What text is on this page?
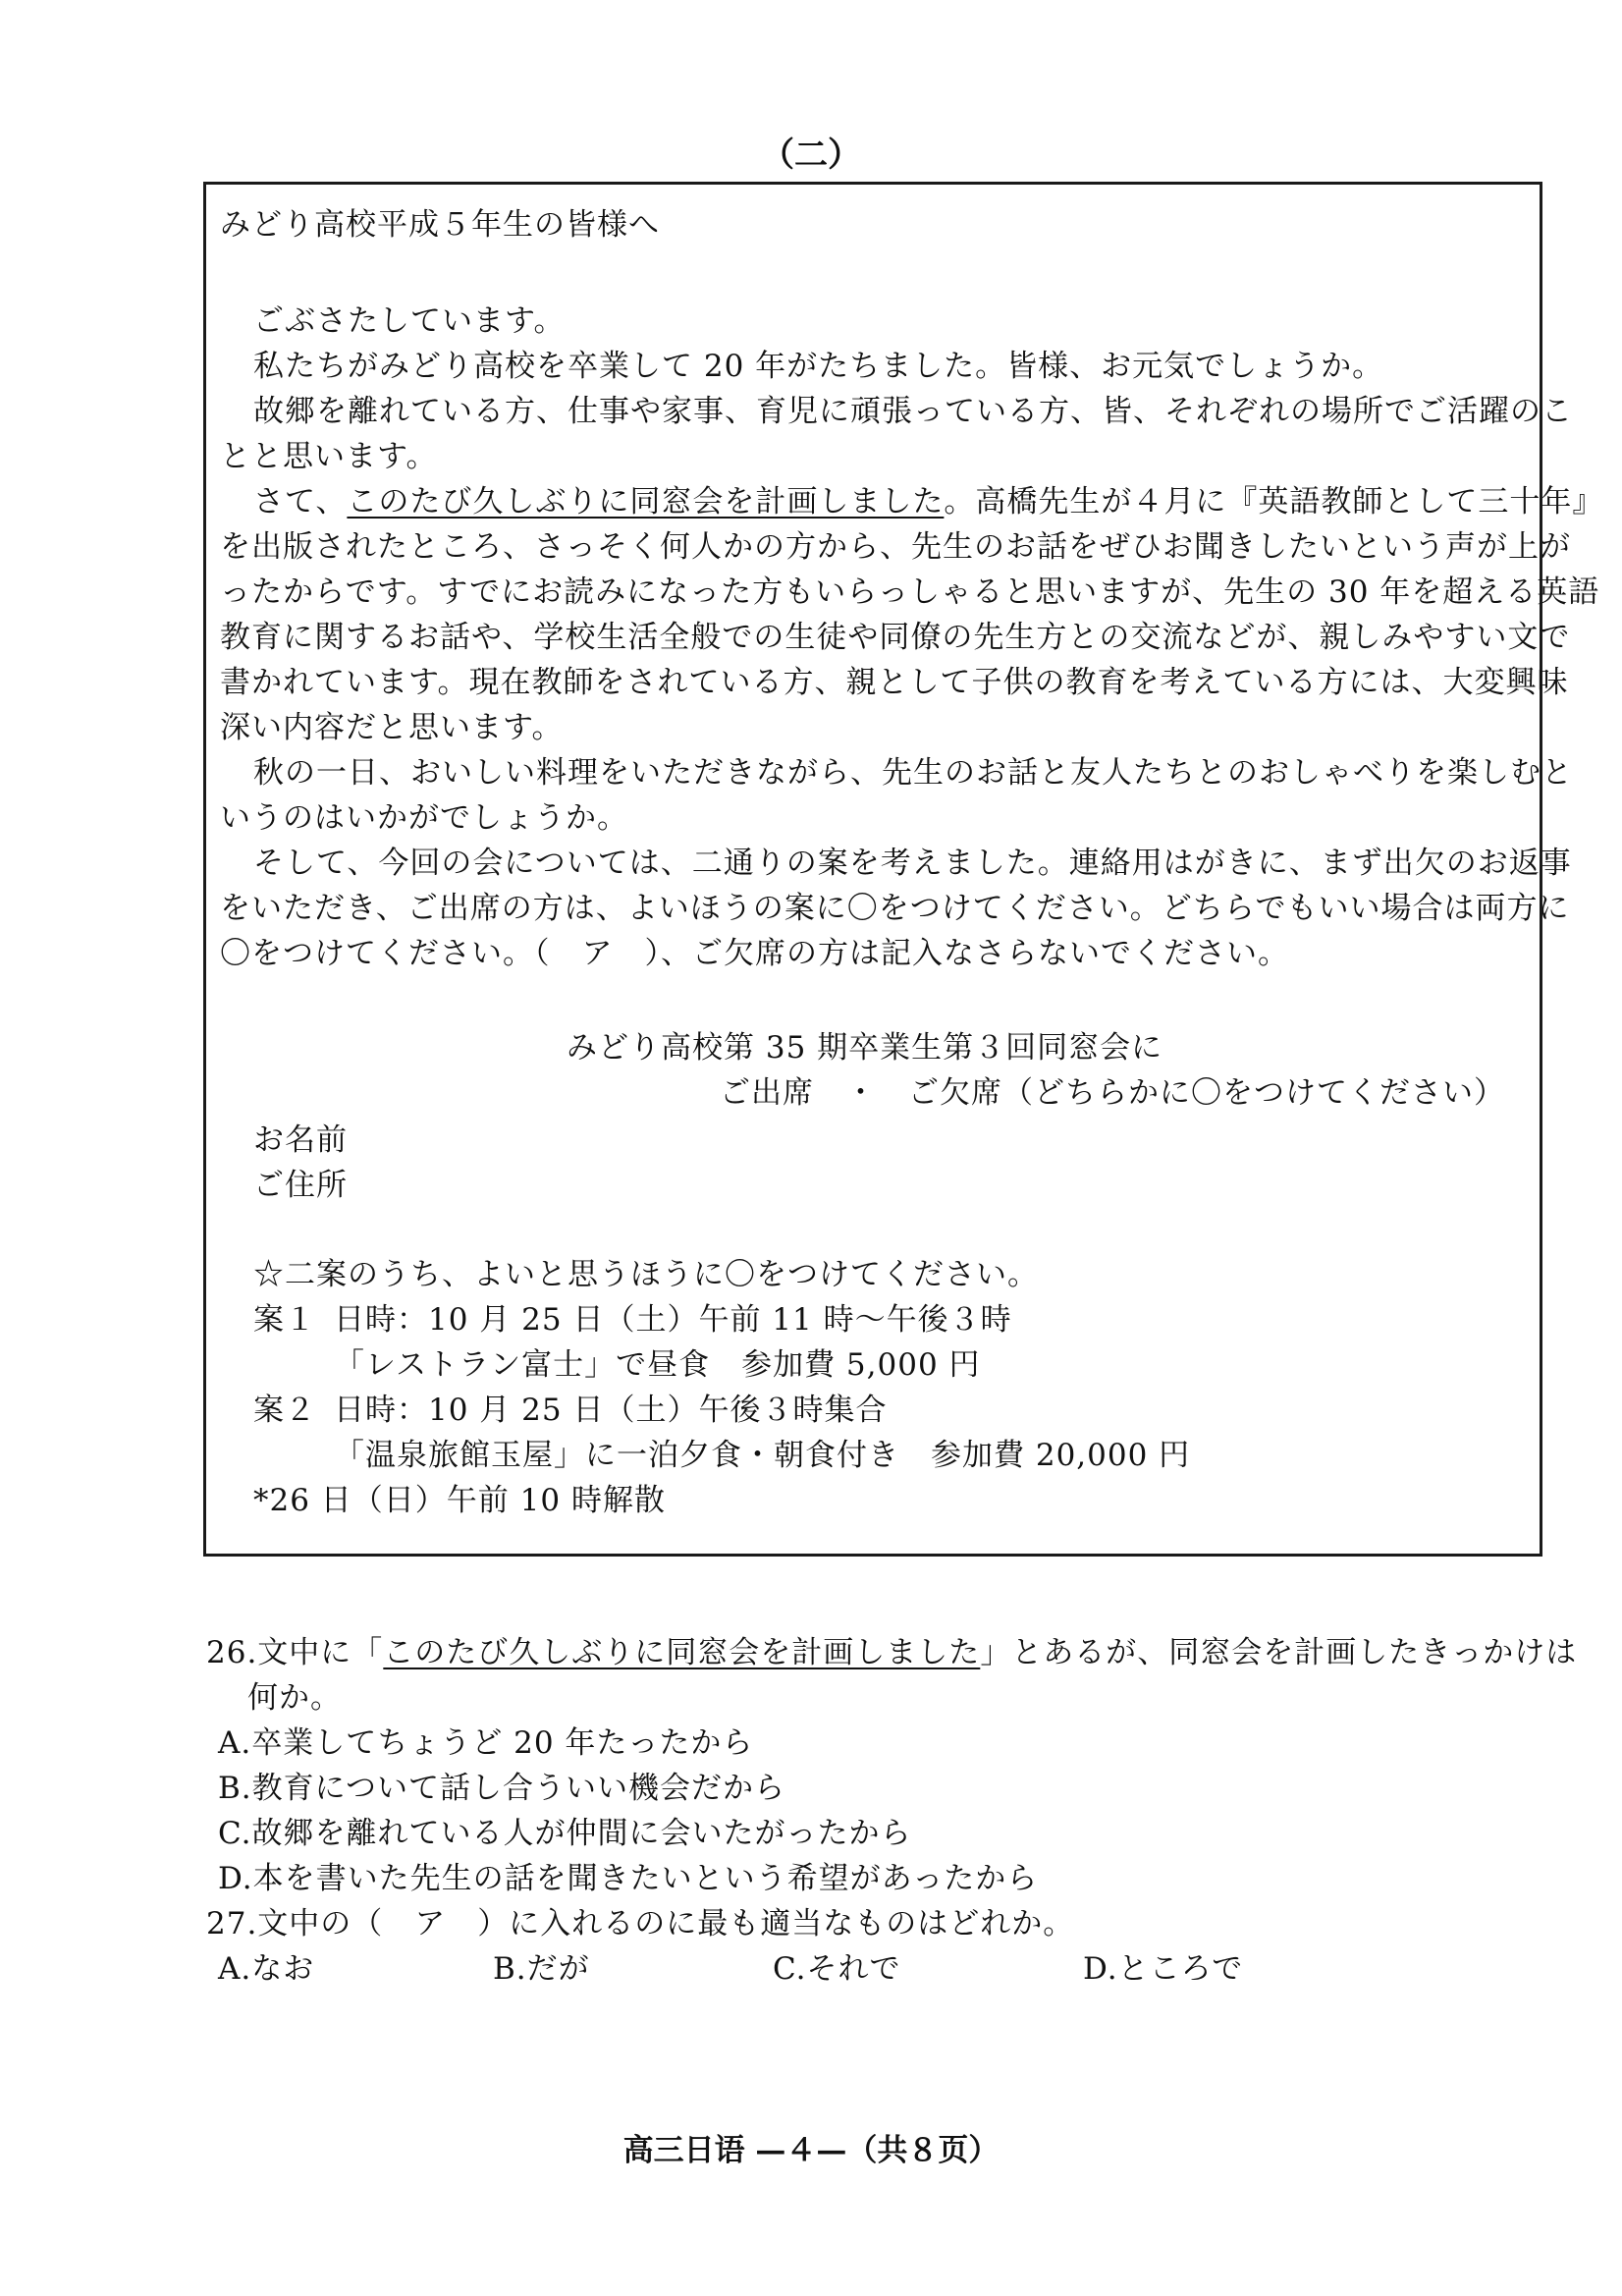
（二）
みどり高校平成５年生の皆様へ
ごぶさたしています。
私たちがみどり高校を卒業して 20 年がたちました。皆様、お元気でしょうか。
故郷を離れている方、仕事や家事、育児に頑張っている方、皆、それぞれの場所でご活躍のこ
とと思います。
さて、このたび久しぶりに同窓会を計画しました。高橋先生が４月に『英語教師として三十年』
を出版されたところ、さっそく何人かの方から、先生のお話をぜひお聞きしたいという声が上が
ったからです。すでにお読みになった方もいらっしゃると思いますが、先生の 30 年を超える英語
教育に関するお話や、学校生活全般での生徒や同僚の先生方との交流などが、親しみやすい文で
書かれています。現在教師をされている方、親として子供の教育を考えている方には、大変興味
深い内容だと思います。
秋の一日、おいしい料理をいただきながら、先生のお話と友人たちとのおしゃべりを楽しむと
いうのはいかがでしょうか。
そして、今回の会については、二通りの案を考えました。連絡用はがきに、まず出欠のお返事
をいただき、ご出席の方は、よいほうの案に〇をつけてください。どちらでもいい場合は両方に
〇をつけてください。（　ア　）、ご欠席の方は記入なさらないでください。
みどり高校第 35 期卒業生第３回同窓会に
ご出席　・　ご欠席（どちらかに〇をつけてください）
お名前
ご住所
☆二案のうち、よいと思うほうに〇をつけてください。
案１ 日時：10 月 25 日（土）午前 11 時～午後３時
「レストラン富士」で昼食　参加費 5,000 円
案２ 日時：10 月 25 日（土）午後３時集合
「温泉旅館玉屋」に一泊夕食・朝食付き　参加費 20,000 円
*26 日（日）午前 10 時解散
26.文中に「このたび久しぶりに同窓会を計画しました」とあるが、同窓会を計画したきっかけは
何か。
A.卒業してちょうど 20 年たったから
B.教育について話し合ういい機会だから
C.故郷を離れている人が仲間に会いたがったから
D.本を書いた先生の話を聞きたいという希望があったから
27.文中の（　ア　）に入れるのに最も適当なものはどれか。
A.なお	B.だが	C.それで	D.ところで
高三日语 —４—（共８页）
